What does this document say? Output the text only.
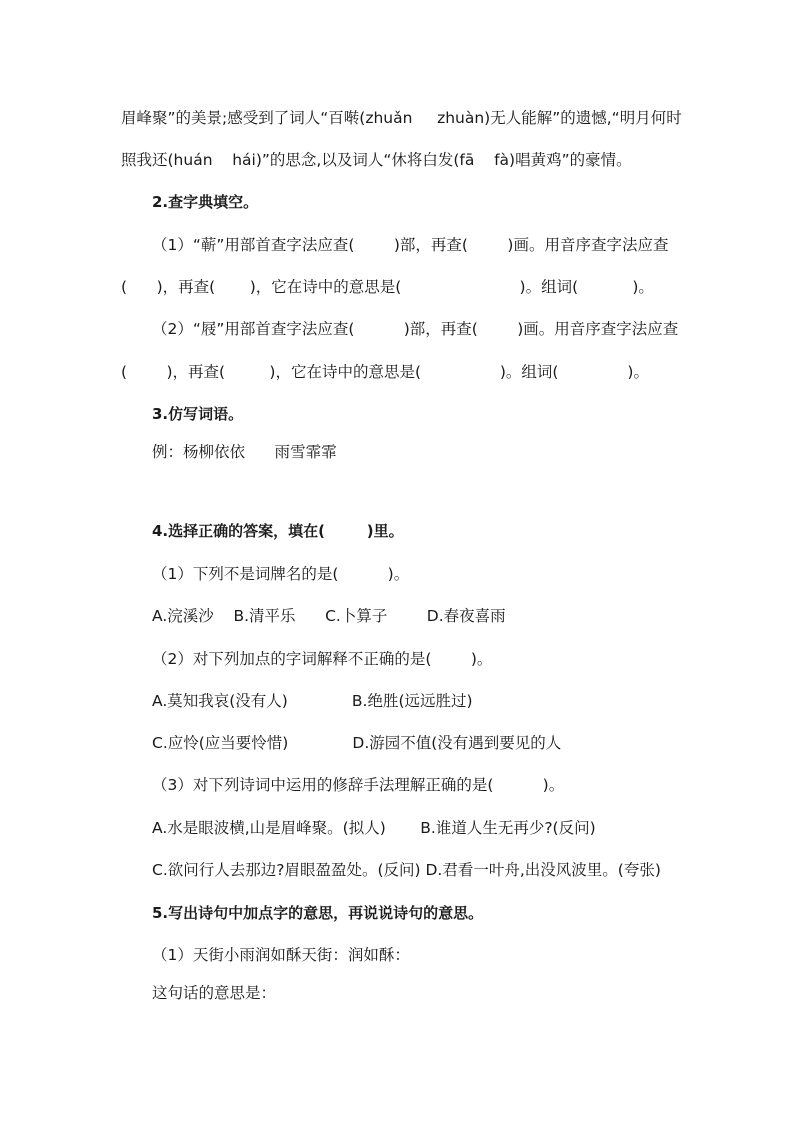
眉峰聚”的美景;感受到了词人“百啭(zhuǎn     zhuàn)无人能解”的遗憾,“明月何时
照我还(huán    hái)”的思念,以及词人“休将白发(fā    fà)唱黄鸡”的豪情。
2.查字典填空。
（1）“蕲”用部首查字法应查(        )部，再查(        )画。用音序查字法应查
(      )，再查(       )，它在诗中的意思是(                        )。组词(           )。
（2）“屐”用部首查字法应查(          )部，再查(        )画。用音序查字法应查
(        )，再查(         )，它在诗中的意思是(                )。组词(              )。
3.仿写词语。
例：杨柳依依      雨雪霏霏
4.选择正确的答案，填在(        )里。
（1）下列不是词牌名的是(          )。
A.浣溪沙    B.清平乐      C.卜算子        D.春夜喜雨
（2）对下列加点的字词解释不正确的是(        )。
A.莫知我哀(没有人)             B.绝胜(远远胜过)
C.应怜(应当要怜惜)             D.游园不值(没有遇到要见的人
（3）对下列诗词中运用的修辞手法理解正确的是(          )。
A.水是眼波横,山是眉峰聚。(拟人)       B.谁道人生无再少?(反问)
C.欲问行人去那边?眉眼盈盈处。(反问) D.君看一叶舟,出没风波里。(夸张)
5.写出诗句中加点字的意思，再说说诗句的意思。
（1）天街小雨润如酥天街：润如酥：
这句话的意思是：
